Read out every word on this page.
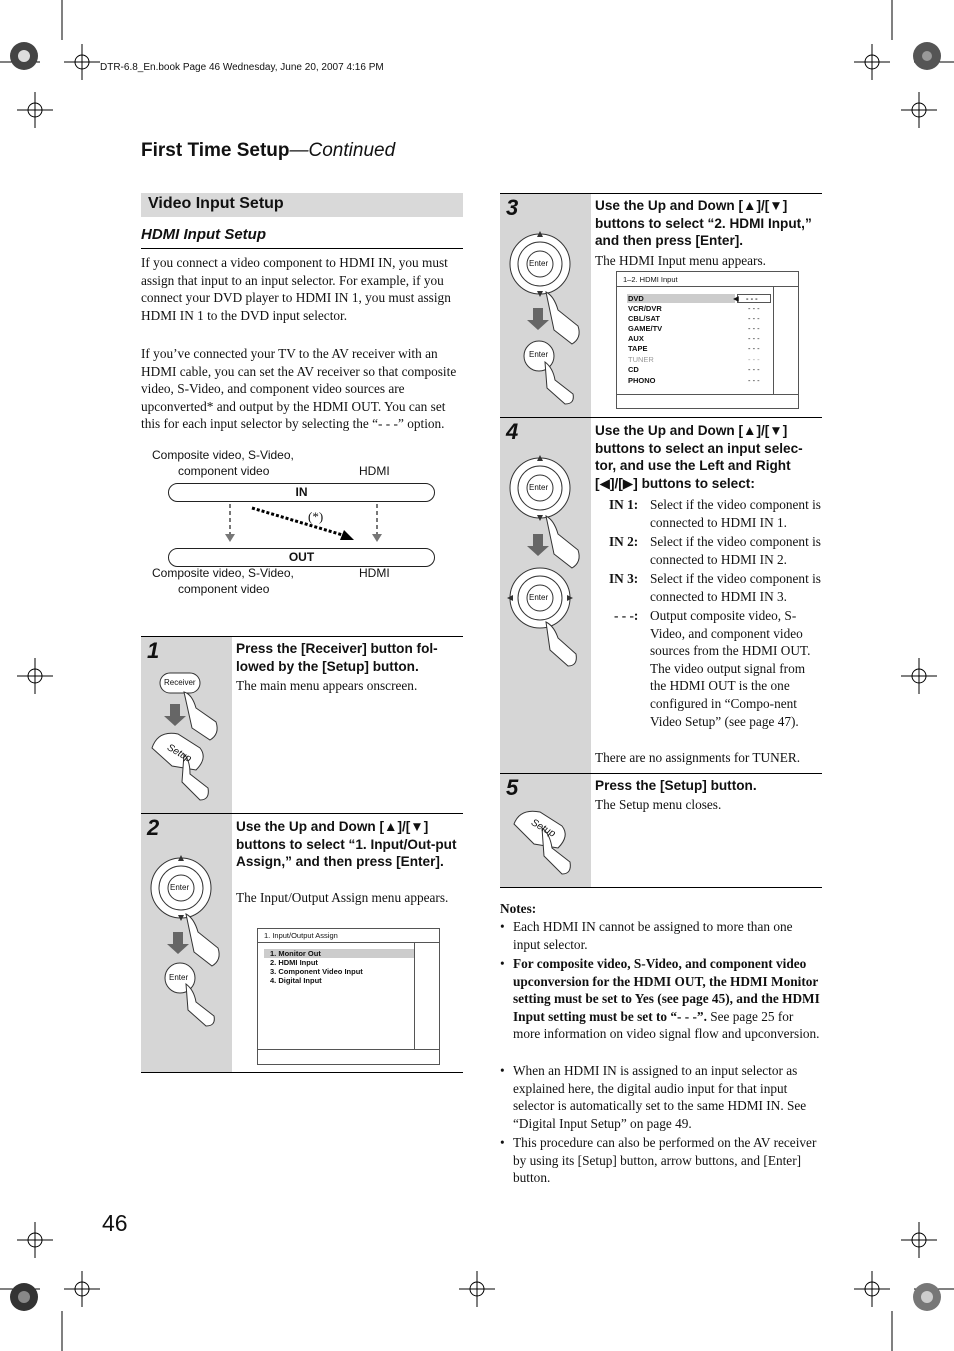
DTR-6.8_En.book Page 46 Wednesday, June 20, 2007 4:16 PM
First Time Setup—Continued
Video Input Setup
HDMI Input Setup
If you connect a video component to HDMI IN, you must assign that input to an input selector. For example, if you connect your DVD player to HDMI IN 1, you must assign HDMI IN 1 to the DVD input selector.
If you’ve connected your TV to the AV receiver with an HDMI cable, you can set the AV receiver so that composite video, S-Video, and component video sources are upconverted* and output by the HDMI OUT. You can set this for each input selector by selecting the “- - -” option.
Composite video, S-Video,
component video	HDMI
IN
(*)
OUT
Composite video, S-Video,
component video
HDMI
1
Receiver
Setup
Press the [Receiver] button fol-lowed by the [Setup] button.
The main menu appears onscreen.
2
Enter
Enter
Use the Up and Down [▲]/[▼] buttons to select “1. Input/Out-put Assign,” and then press [Enter].
The Input/Output Assign menu appears.
1. Input/Output Assign
1. Monitor Out
2. HDMI Input
3. Component Video Input
4. Digital Input
3
Enter
Enter
Use the Up and Down [▲]/[▼] buttons to select “2. HDMI Input,” and then press [Enter].
The HDMI Input menu appears.
1–2. HDMI Input
◀
DVD	- - -
VCR/DVR	- - -
CBL/SAT	- - -
GAME/TV	- - -
AUX	- - -
TAPE	- - -
TUNER	- - -
CD	- - -
PHONO	- - -
4
Enter
Enter
Use the Up and Down [▲]/[▼] buttons to select an input selec-tor, and use the Left and Right [◀]/[▶] buttons to select:
IN 1: Select if the video component is connected to HDMI IN 1.
IN 2: Select if the video component is connected to HDMI IN 2.
IN 3: Select if the video component is connected to HDMI IN 3.
- - -: Output composite video, S-Video, and component video sources from the HDMI OUT. The video output signal from the HDMI OUT is the one configured in “Compo-nent Video Setup” (see page 47).
There are no assignments for TUNER.
5
Setup
Press the [Setup] button.
The Setup menu closes.
Notes:
• Each HDMI IN cannot be assigned to more than one input selector.
• For composite video, S-Video, and component video upconversion for the HDMI OUT, the HDMI Monitor setting must be set to Yes (see page 45), and the HDMI Input setting must be set to “- - -”. See page 25 for more information on video signal flow and upconversion.
• When an HDMI IN is assigned to an input selector as explained here, the digital audio input for that input selector is automatically set to the same HDMI IN. See “Digital Input Setup” on page 49.
• This procedure can also be performed on the AV receiver by using its [Setup] button, arrow buttons, and [Enter] button.
46
